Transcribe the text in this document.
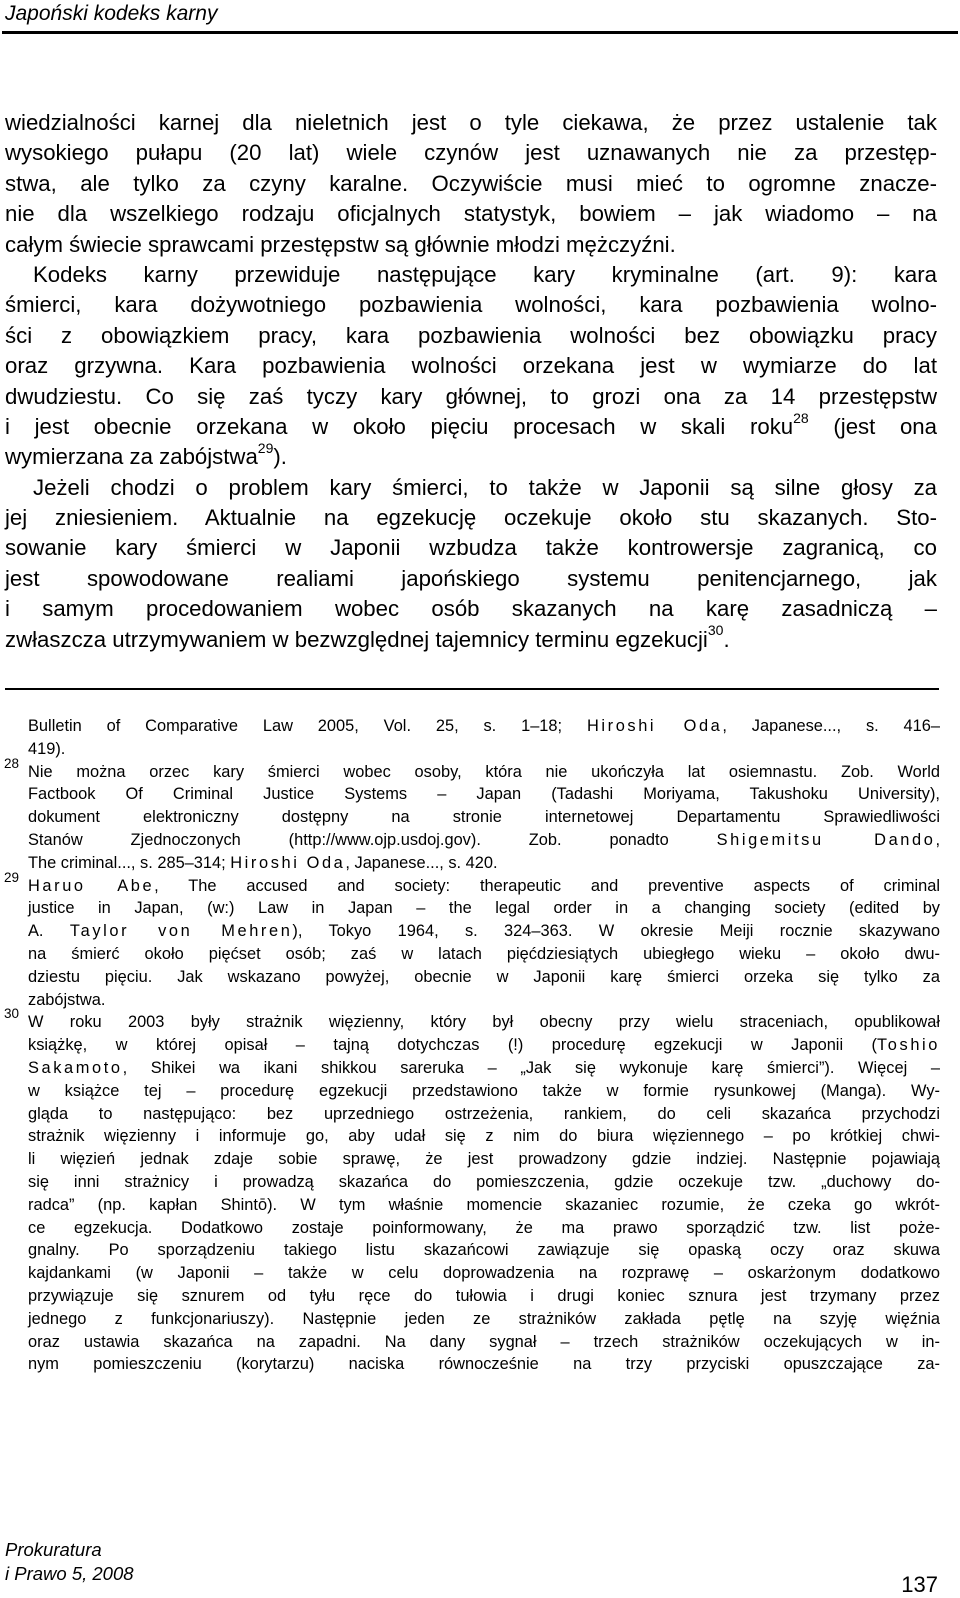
Japoński kodeks karny
wiedzialności karnej dla nieletnich jest o tyle ciekawa, że przez ustalenie tak
wysokiego pułapu (20 lat) wiele czynów jest uznawanych nie za przestęp-
stwa, ale tylko za czyny karalne. Oczywiście musi mieć to ogromne znacze-
nie dla wszelkiego rodzaju oficjalnych statystyk, bowiem – jak wiadomo – na
całym świecie sprawcami przestępstw są głównie młodzi mężczyźni.
Kodeks karny przewiduje następujące kary kryminalne (art. 9): kara
śmierci, kara dożywotniego pozbawienia wolności, kara pozbawienia wolno-
ści z obowiązkiem pracy, kara pozbawienia wolności bez obowiązku pracy
oraz grzywna. Kara pozbawienia wolności orzekana jest w wymiarze do lat
dwudziestu. Co się zaś tyczy kary głównej, to grozi ona za 14 przestępstw
i jest obecnie orzekana w około pięciu procesach w skali roku$^{28}$ (jest ona
wymierzana za zabójstwa$^{29}$).
Jeżeli chodzi o problem kary śmierci, to także w Japonii są silne głosy za
jej zniesieniem. Aktualnie na egzekucję oczekuje około stu skazanych. Sto-
sowanie kary śmierci w Japonii wzbudza także kontrowersje zagranicą, co
jest spowodowane realiami japońskiego systemu penitencjarnego, jak
i samym procedowaniem wobec osób skazanych na karę zasadniczą –
zwłaszcza utrzymywaniem w bezwzględnej tajemnicy terminu egzekucji$^{30}$.
Bulletin of Comparative Law 2005, Vol. 25, s. 1–18; Hiroshi Oda, Japanese..., s. 416–
419).
28 Nie można orzec kary śmierci wobec osoby, która nie ukończyła lat osiemnastu. Zob. World
Factbook Of Criminal Justice Systems – Japan (Tadashi Moriyama, Takushoku University),
dokument elektroniczny dostępny na stronie internetowej Departamentu Sprawiedliwości
Stanów Zjednoczonych (http://www.ojp.usdoj.gov). Zob. ponadto Shigemitsu Dando,
The criminal..., s. 285–314; Hiroshi Oda, Japanese..., s. 420.
29 Haruo Abe, The accused and society: therapeutic and preventive aspects of criminal
justice in Japan, (w:) Law in Japan – the legal order in a changing society (edited by
A. Taylor von Mehren), Tokyo 1964, s. 324–363. W okresie Meiji rocznie skazywano
na śmierć około pięćset osób; zaś w latach pięćdziesiątych ubiegłego wieku – około dwu-
dziestu pięciu. Jak wskazano powyżej, obecnie w Japonii karę śmierci orzeka się tylko za
zabójstwa.
30 W roku 2003 były strażnik więzienny, który był obecny przy wielu straceniach, opublikował
książkę, w której opisał – tajną dotychczas (!) procedurę egzekucji w Japonii (Toshio
Sakamoto, Shikei wa ikani shikkou sareruka – „Jak się wykonuje karę śmierci”). Więcej –
w książce tej – procedurę egzekucji przedstawiono także w formie rysunkowej (Manga). Wy-
gląda to następująco: bez uprzedniego ostrzeżenia, rankiem, do celi skazańca przychodzi
strażnik więzienny i informuje go, aby udał się z nim do biura więziennego – po krótkiej chwi-
li więzień jednak zdaje sobie sprawę, że jest prowadzony gdzie indziej. Następnie pojawiają
się inni strażnicy i prowadzą skazańca do pomieszczenia, gdzie oczekuje tzw. „duchowy do-
radca” (np. kapłan Shintō). W tym właśnie momencie skazaniec rozumie, że czeka go wkrót-
ce egzekucja. Dodatkowo zostaje poinformowany, że ma prawo sporządzić tzw. list poże-
gnalny. Po sporządzeniu takiego listu skazańcowi zawiązuje się opaską oczy oraz skuwa
kajdankami (w Japonii – także w celu doprowadzenia na rozprawę – oskarżonym dodatkowo
przywiązuje się sznurem od tyłu ręce do tułowia i drugi koniec sznura jest trzymany przez
jednego z funkcjonariuszy). Następnie jeden ze strażników zakłada pętlę na szyję więźnia
oraz ustawia skazańca na zapadni. Na dany sygnał – trzech strażników oczekujących w in-
nym pomieszczeniu (korytarzu) naciska równocześnie na trzy przyciski opuszczające za-
Prokuratura
i Prawo 5, 2008	137
